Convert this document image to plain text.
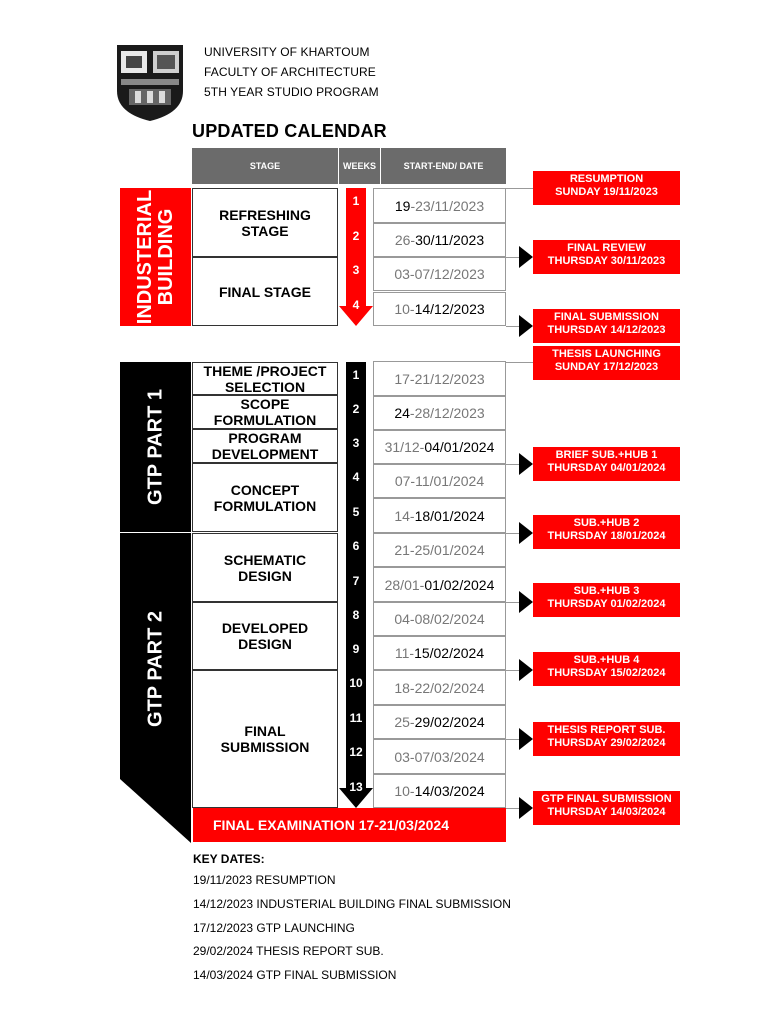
UNIVERSITY OF KHARTOUM
FACULTY OF ARCHITECTURE
5TH YEAR STUDIO PROGRAM
UPDATED CALENDAR
STAGE	WEEKS	START-END/ DATE
INDUSTERIAL
BUILDING
GTP PART 1
GTP PART 2
REFRESHING
STAGE
FINAL STAGE
THEME /PROJECT
SELECTION
SCOPE
FORMULATION
PROGRAM
DEVELOPMENT
CONCEPT
FORMULATION
SCHEMATIC
DESIGN
DEVELOPED
DESIGN
FINAL
SUBMISSION
1
2
3
4
19 -23/11/2023
26- 30/11/2023
03-07/12/2023
10- 14/12/2023
1
2
3
4
5
6
7
8
9
10
11
12
13
17-21/12/2023
24 -28/12/2023
31/12- 04/01/2024
07-11/01/2024
14- 18/01/2024
21-25/01/2024
28/01- 01/02/2024
04-08/02/2024
11- 15/02/2024
18-22/02/2024
25- 29/02/2024
03-07/03/2024
10- 14/03/2024
RESUMPTION
SUNDAY 19/11/2023
FINAL REVIEW
THURSDAY 30/11/2023
FINAL SUBMISSION
THURSDAY 14/12/2023
THESIS LAUNCHING
SUNDAY 17/12/2023
BRIEF SUB.+HUB 1
THURSDAY 04/01/2024
SUB.+HUB 2
THURSDAY 18/01/2024
SUB.+HUB 3
THURSDAY 01/02/2024
SUB.+HUB 4
THURSDAY 15/02/2024
THESIS REPORT SUB.
THURSDAY 29/02/2024
GTP FINAL SUBMISSION
THURSDAY 14/03/2024
FINAL EXAMINATION 17-21/03/2024
KEY DATES:
19/11/2023 RESUMPTION
14/12/2023 INDUSTERIAL BUILDING FINAL SUBMISSION
17/12/2023 GTP LAUNCHING
29/02/2024 THESIS REPORT SUB.
14/03/2024 GTP FINAL SUBMISSION
